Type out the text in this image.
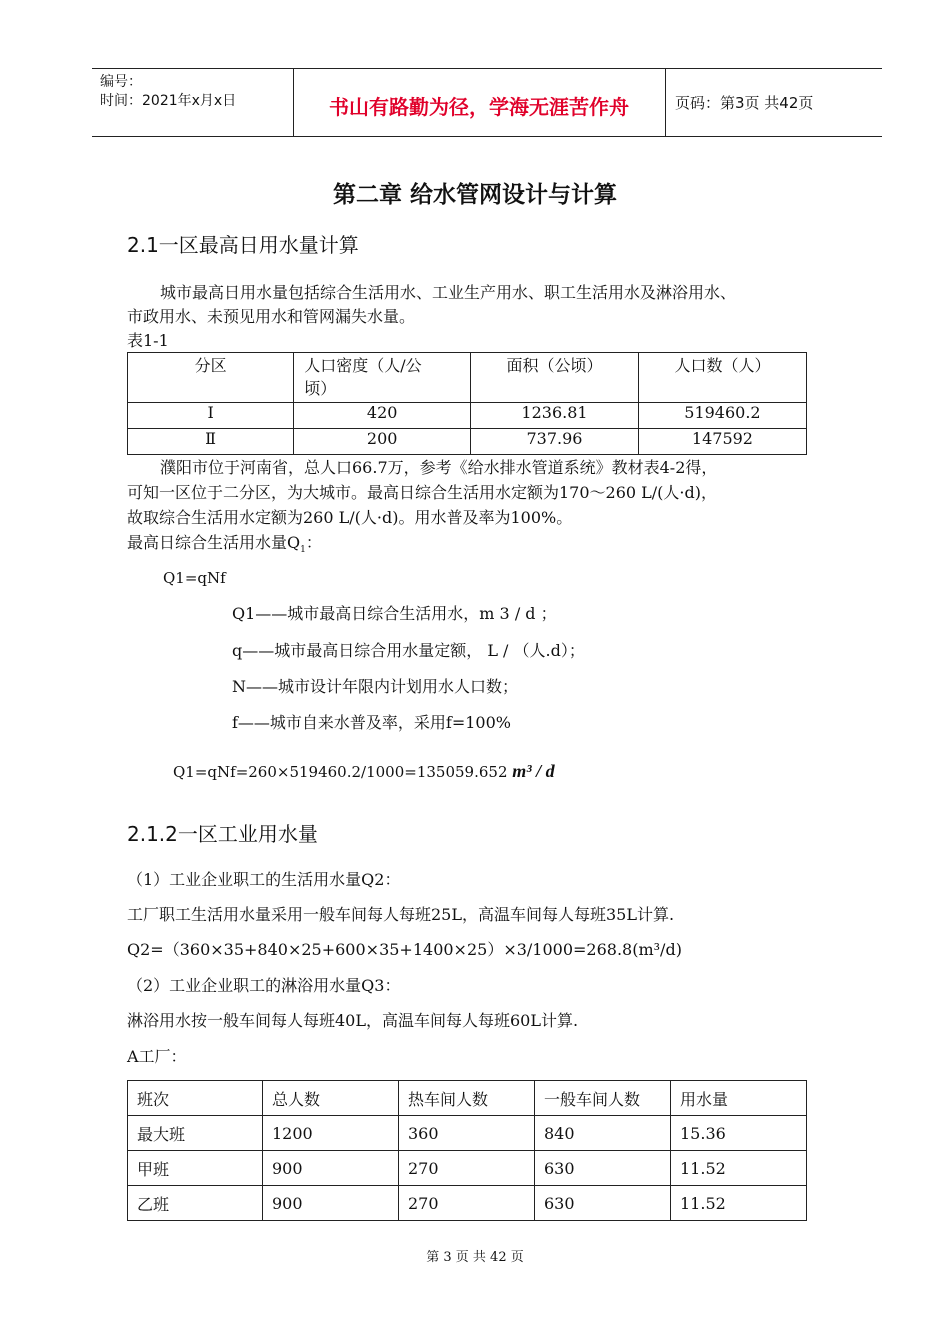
编号：
时间：2021年x月x日	书山有路勤为径，学海无涯苦作舟	页码：第3页 共42页
第二章 给水管网设计与计算
2.1一区最高日用水量计算

城市最高日用水量包括综合生活用水、工业生产用水、职工生活用水及淋浴用水、

市政用水、未预见用水和管网漏失水量。

表1-1

分区	人口密度（人/公
顷）	面积（公顷）	人口数（人）
Ⅰ	420	1236.81	519460.2
Ⅱ	200	737.96	147592

濮阳市位于河南省，总人口66.7万，参考《给水排水管道系统》教材表4-2得，

可知一区位于二分区，为大城市。最高日综合生活用水定额为170～260 L/(人·d)，

故取综合生活用水定额为260 L/(人·d)。用水普及率为100%。

最高日综合生活用水量$Q_1$：

Q1=qNf

Q1——城市最高日综合生活用水，m 3 / d ；

q——城市最高日综合用水量定额， L / （人.d）；

N——城市设计年限内计划用水人口数；

f——城市自来水普及率，采用f=100%

Q1=qNf=260×519460.2/1000=135059.652 m³ / d

2.1.2一区工业用水量

（1）工业企业职工的生活用水量Q2：

工厂职工生活用水量采用一般车间每人每班25L，高温车间每人每班35L计算.

Q2=（360×35+840×25+600×35+1400×25）×3/1000=268.8(m³/d)

（2）工业企业职工的淋浴用水量Q3：

淋浴用水按一般车间每人每班40L，高温车间每人每班60L计算.

A工厂：

班次	总人数	热车间人数	一般车间人数	用水量
最大班	1200	360	840	15.36
甲班	900	270	630	11.52
乙班	900	270	630	11.52
第 3 页 共 42 页
